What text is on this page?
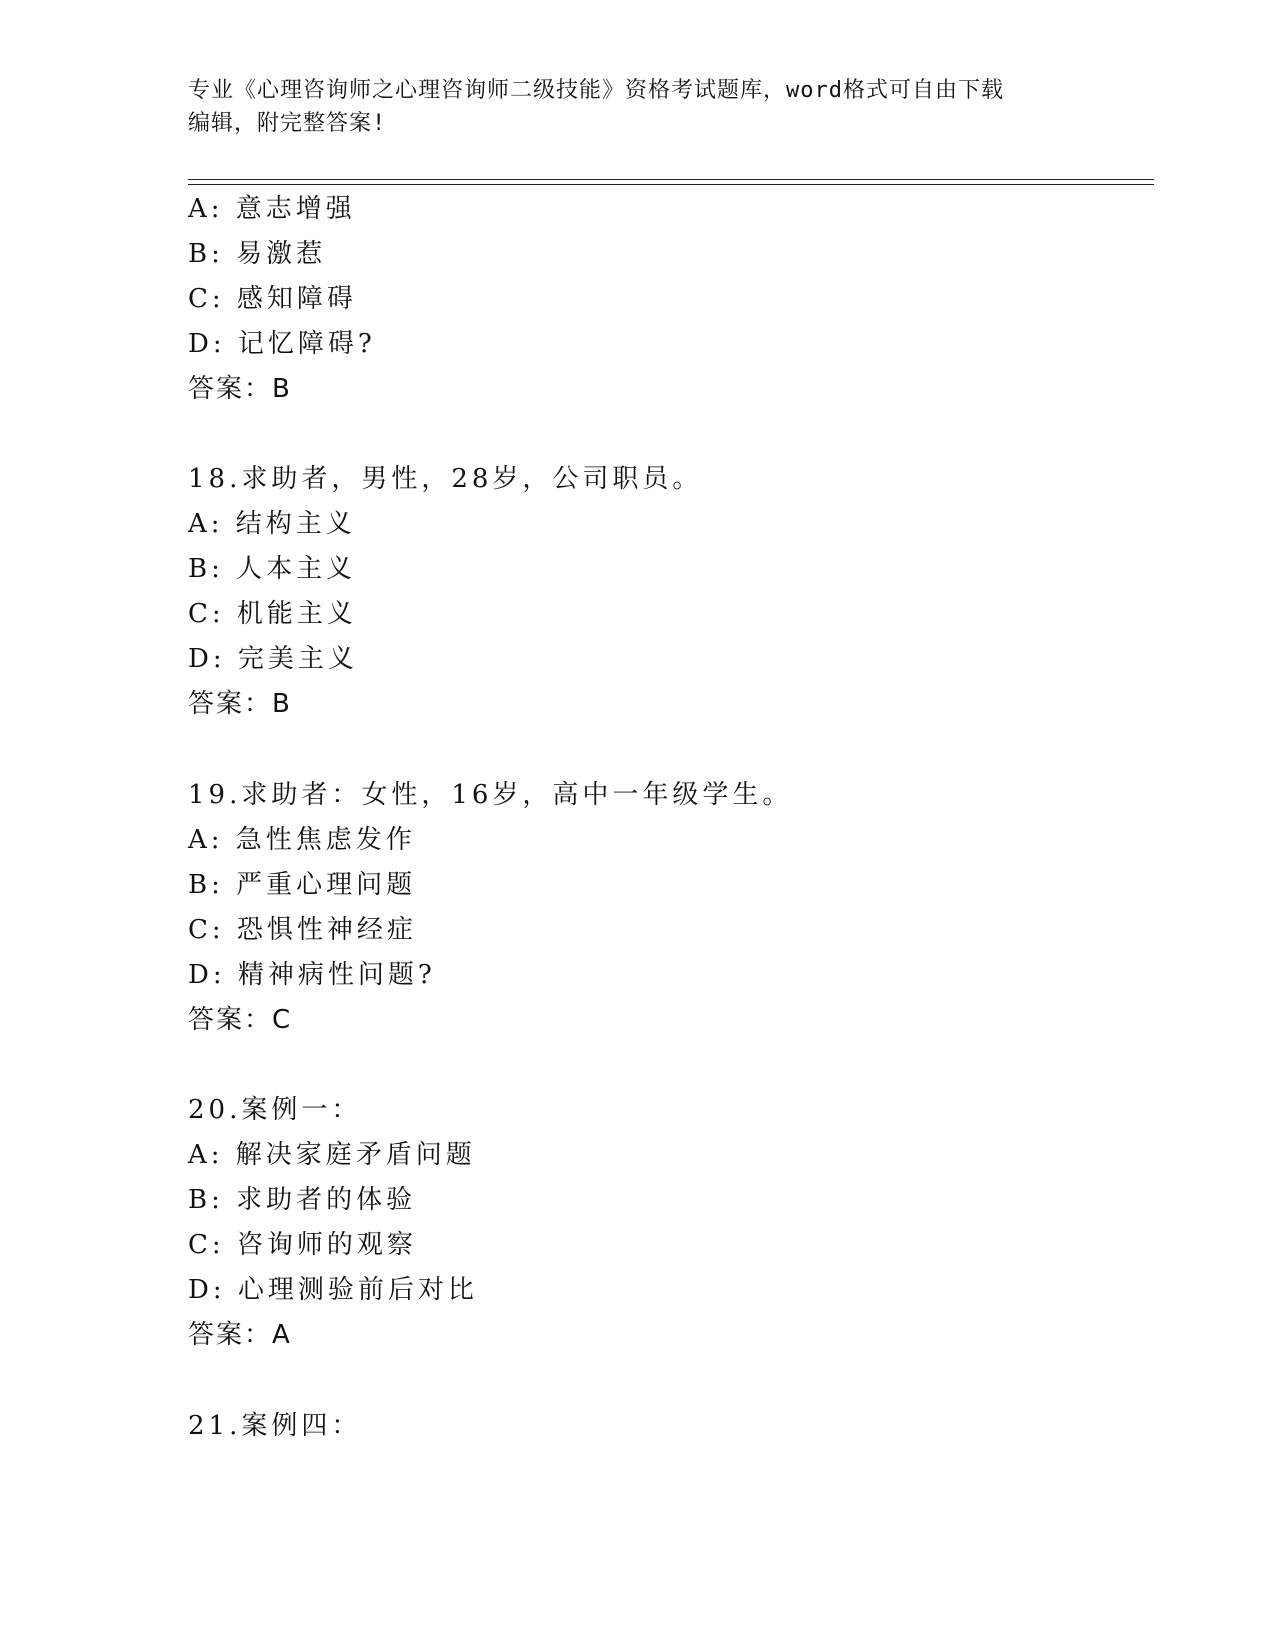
专业《心理咨询师之心理咨询师二级技能》资格考试题库，word格式可自由下载
编辑，附完整答案!
A: 意志增强
B: 易激惹
C: 感知障碍
D: 记忆障碍?
答案：B
18.求助者，男性，28岁，公司职员。
A: 结构主义
B: 人本主义
C: 机能主义
D: 完美主义
答案：B
19.求助者：女性，16岁，高中一年级学生。
A: 急性焦虑发作
B: 严重心理问题
C: 恐惧性神经症
D: 精神病性问题?
答案：C
20.案例一：
A: 解决家庭矛盾问题
B: 求助者的体验
C: 咨询师的观察
D: 心理测验前后对比
答案：A
21.案例四：
